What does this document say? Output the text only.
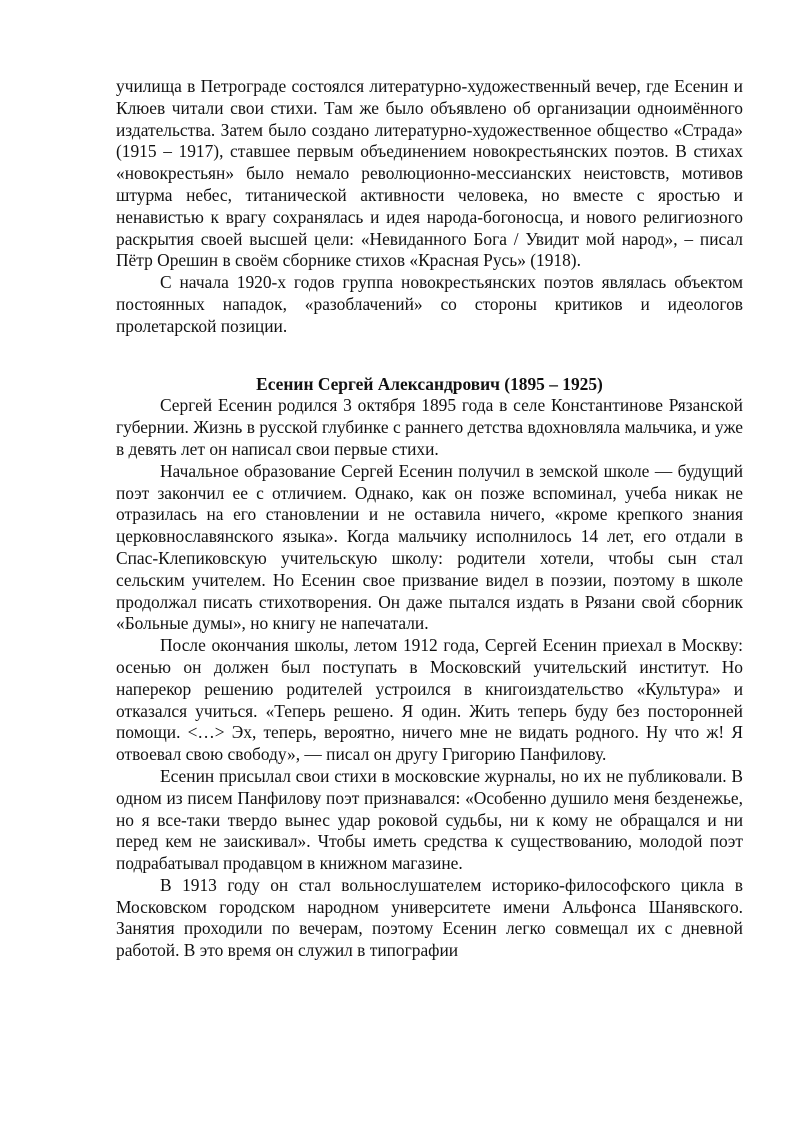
училища в Петрограде состоялся литературно-художественный вечер, где Есенин и Клюев читали свои стихи. Там же было объявлено об организации одноимённого издательства. Затем было создано литературно-художественное общество «Страда» (1915 – 1917), ставшее первым объединением новокрестьянских поэтов. В стихах «новокрестьян» было немало революционно-мессианских неистовств, мотивов штурма небес, титанической активности человека, но вместе с яростью и ненавистью к врагу сохранялась и идея народа-богоносца, и нового религиозного раскрытия своей высшей цели: «Невиданного Бога / Увидит мой народ», – писал Пётр Орешин в своём сборнике стихов «Красная Русь» (1918).

С начала 1920-х годов группа новокрестьянских поэтов являлась объектом постоянных нападок, «разоблачений» со стороны критиков и идеологов пролетарской позиции.

Есенин Сергей Александрович (1895 – 1925)

Сергей Есенин родился 3 октября 1895 года в селе Константинове Рязанской губернии. Жизнь в русской глубинке с раннего детства вдохновляла мальчика, и уже в девять лет он написал свои первые стихи.

Начальное образование Сергей Есенин получил в земской школе — будущий поэт закончил ее с отличием. Однако, как он позже вспоминал, учеба никак не отразилась на его становлении и не оставила ничего, «кроме крепкого знания церковнославянского языка». Когда мальчику исполнилось 14 лет, его отдали в Спас-Клепиковскую учительскую школу: родители хотели, чтобы сын стал сельским учителем. Но Есенин свое призвание видел в поэзии, поэтому в школе продолжал писать стихотворения. Он даже пытался издать в Рязани свой сборник «Больные думы», но книгу не напечатали.

После окончания школы, летом 1912 года, Сергей Есенин приехал в Москву: осенью он должен был поступать в Московский учительский институт. Но наперекор решению родителей устроился в книгоиздательство «Культура» и отказался учиться. «Теперь решено. Я один. Жить теперь буду без посторонней помощи. <…> Эх, теперь, вероятно, ничего мне не видать родного. Ну что ж! Я отвоевал свою свободу», — писал он другу Григорию Панфилову.

Есенин присылал свои стихи в московские журналы, но их не публиковали. В одном из писем Панфилову поэт признавался: «Особенно душило меня безденежье, но я все-таки твердо вынес удар роковой судьбы, ни к кому не обращался и ни перед кем не заискивал». Чтобы иметь средства к существованию, молодой поэт подрабатывал продавцом в книжном магазине.

В 1913 году он стал вольнослушателем историко-философского цикла в Московском городском народном университете имени Альфонса Шанявского. Занятия проходили по вечерам, поэтому Есенин легко совмещал их с дневной работой. В это время он служил в типографии
